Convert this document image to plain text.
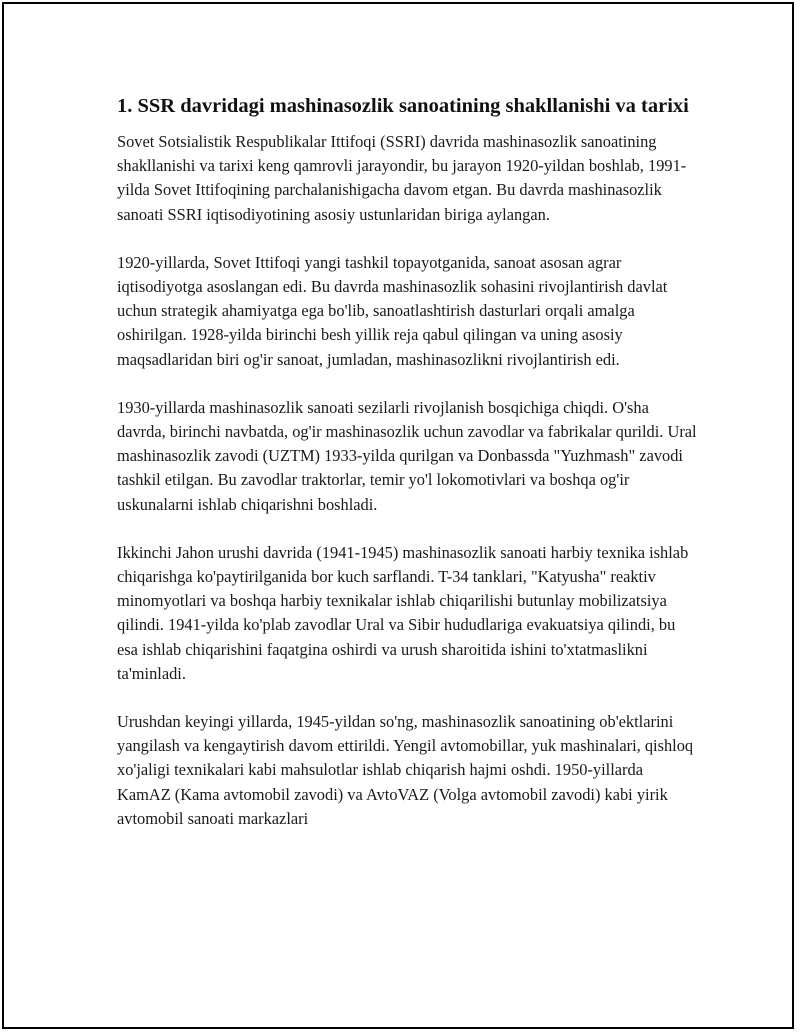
1. SSR davridagi mashinasozlik sanoatining shakllanishi va tarixi

Sovet Sotsialistik Respublikalar Ittifoqi (SSRI) davrida mashinasozlik sanoatining shakllanishi va tarixi keng qamrovli jarayondir, bu jarayon 1920-yildan boshlab, 1991-yilda Sovet Ittifoqining parchalanishigacha davom etgan. Bu davrda mashinasozlik sanoati SSRI iqtisodiyotining asosiy ustunlaridan biriga aylangan.

1920-yillarda, Sovet Ittifoqi yangi tashkil topayotganida, sanoat asosan agrar iqtisodiyotga asoslangan edi. Bu davrda mashinasozlik sohasini rivojlantirish davlat uchun strategik ahamiyatga ega bo'lib, sanoatlashtirish dasturlari orqali amalga oshirilgan. 1928-yilda birinchi besh yillik reja qabul qilingan va uning asosiy maqsadlaridan biri og'ir sanoat, jumladan, mashinasozlikni rivojlantirish edi.

1930-yillarda mashinasozlik sanoati sezilarli rivojlanish bosqichiga chiqdi. O'sha davrda, birinchi navbatda, og'ir mashinasozlik uchun zavodlar va fabrikalar qurildi. Ural mashinasozlik zavodi (UZTM) 1933-yilda qurilgan va Donbassda "Yuzhmash" zavodi tashkil etilgan. Bu zavodlar traktorlar, temir yo'l lokomotivlari va boshqa og'ir uskunalarni ishlab chiqarishni boshladi.

Ikkinchi Jahon urushi davrida (1941-1945) mashinasozlik sanoati harbiy texnika ishlab chiqarishga ko'paytirilganida bor kuch sarflandi. T-34 tanklari, "Katyusha" reaktiv minomyotlari va boshqa harbiy texnikalar ishlab chiqarilishi butunlay mobilizatsiya qilindi. 1941-yilda ko'plab zavodlar Ural va Sibir hududlariga evakuatsiya qilindi, bu esa ishlab chiqarishini faqatgina oshirdi va urush sharoitida ishini to'xtatmaslikni ta'minladi.

Urushdan keyingi yillarda, 1945-yildan so'ng, mashinasozlik sanoatining ob'ektlarini yangilash va kengaytirish davom ettirildi. Yengil avtomobillar, yuk mashinalari, qishloq xo'jaligi texnikalari kabi mahsulotlar ishlab chiqarish hajmi oshdi. 1950-yillarda KamAZ (Kama avtomobil zavodi) va AvtoVAZ (Volga avtomobil zavodi) kabi yirik avtomobil sanoati markazlari
